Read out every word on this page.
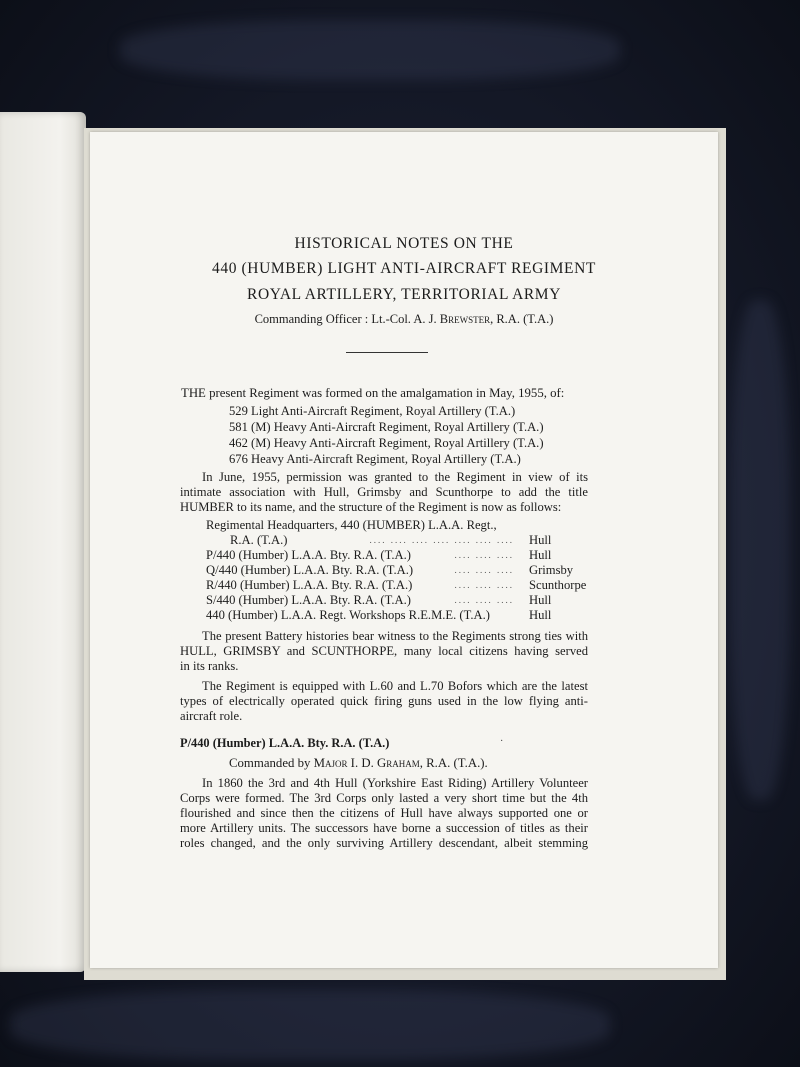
HISTORICAL NOTES ON THE
440 (HUMBER) LIGHT ANTI-AIRCRAFT REGIMENT
ROYAL ARTILLERY, TERRITORIAL ARMY
Commanding Officer : Lt.-Col. A. J. Brewster, R.A. (T.A.)
THE present Regiment was formed on the amalgamation in May, 1955, of:
529 Light Anti-Aircraft Regiment, Royal Artillery (T.A.)
581 (M) Heavy Anti-Aircraft Regiment, Royal Artillery (T.A.)
462 (M) Heavy Anti-Aircraft Regiment, Royal Artillery (T.A.)
676 Heavy Anti-Aircraft Regiment, Royal Artillery (T.A.)
In June, 1955, permission was granted to the Regiment in view of its
intimate association with Hull, Grimsby and Scunthorpe to add the title
HUMBER to its name, and the structure of the Regiment is now as follows:
Regimental Headquarters, 440 (HUMBER) L.A.A. Regt.,
R.A. (T.A.)	.... .... .... .... .... .... .... Hull
P/440 (Humber) L.A.A. Bty. R.A. (T.A.)	.... .... .... Hull
Q/440 (Humber) L.A.A. Bty. R.A. (T.A.)	.... .... .... Grimsby
R/440 (Humber) L.A.A. Bty. R.A. (T.A.)	.... .... .... Scunthorpe
S/440 (Humber) L.A.A. Bty. R.A. (T.A.)	.... .... .... Hull
440 (Humber) L.A.A. Regt. Workshops R.E.M.E. (T.A.)	Hull
The present Battery histories bear witness to the Regiments strong ties with
HULL, GRIMSBY and SCUNTHORPE, many local citizens having served
in its ranks.
The Regiment is equipped with L.60 and L.70 Bofors which are the latest
types of electrically operated quick firing guns used in the low flying anti-
aircraft role.
P/440 (Humber) L.A.A. Bty. R.A. (T.A.)	·
Commanded by Major I. D. Graham, R.A. (T.A.).
In 1860 the 3rd and 4th Hull (Yorkshire East Riding) Artillery Volunteer
Corps were formed. The 3rd Corps only lasted a very short time but the 4th
flourished and since then the citizens of Hull have always supported one or
more Artillery units. The successors have borne a succession of titles as their
roles changed, and the only surviving Artillery descendant, albeit stemming
